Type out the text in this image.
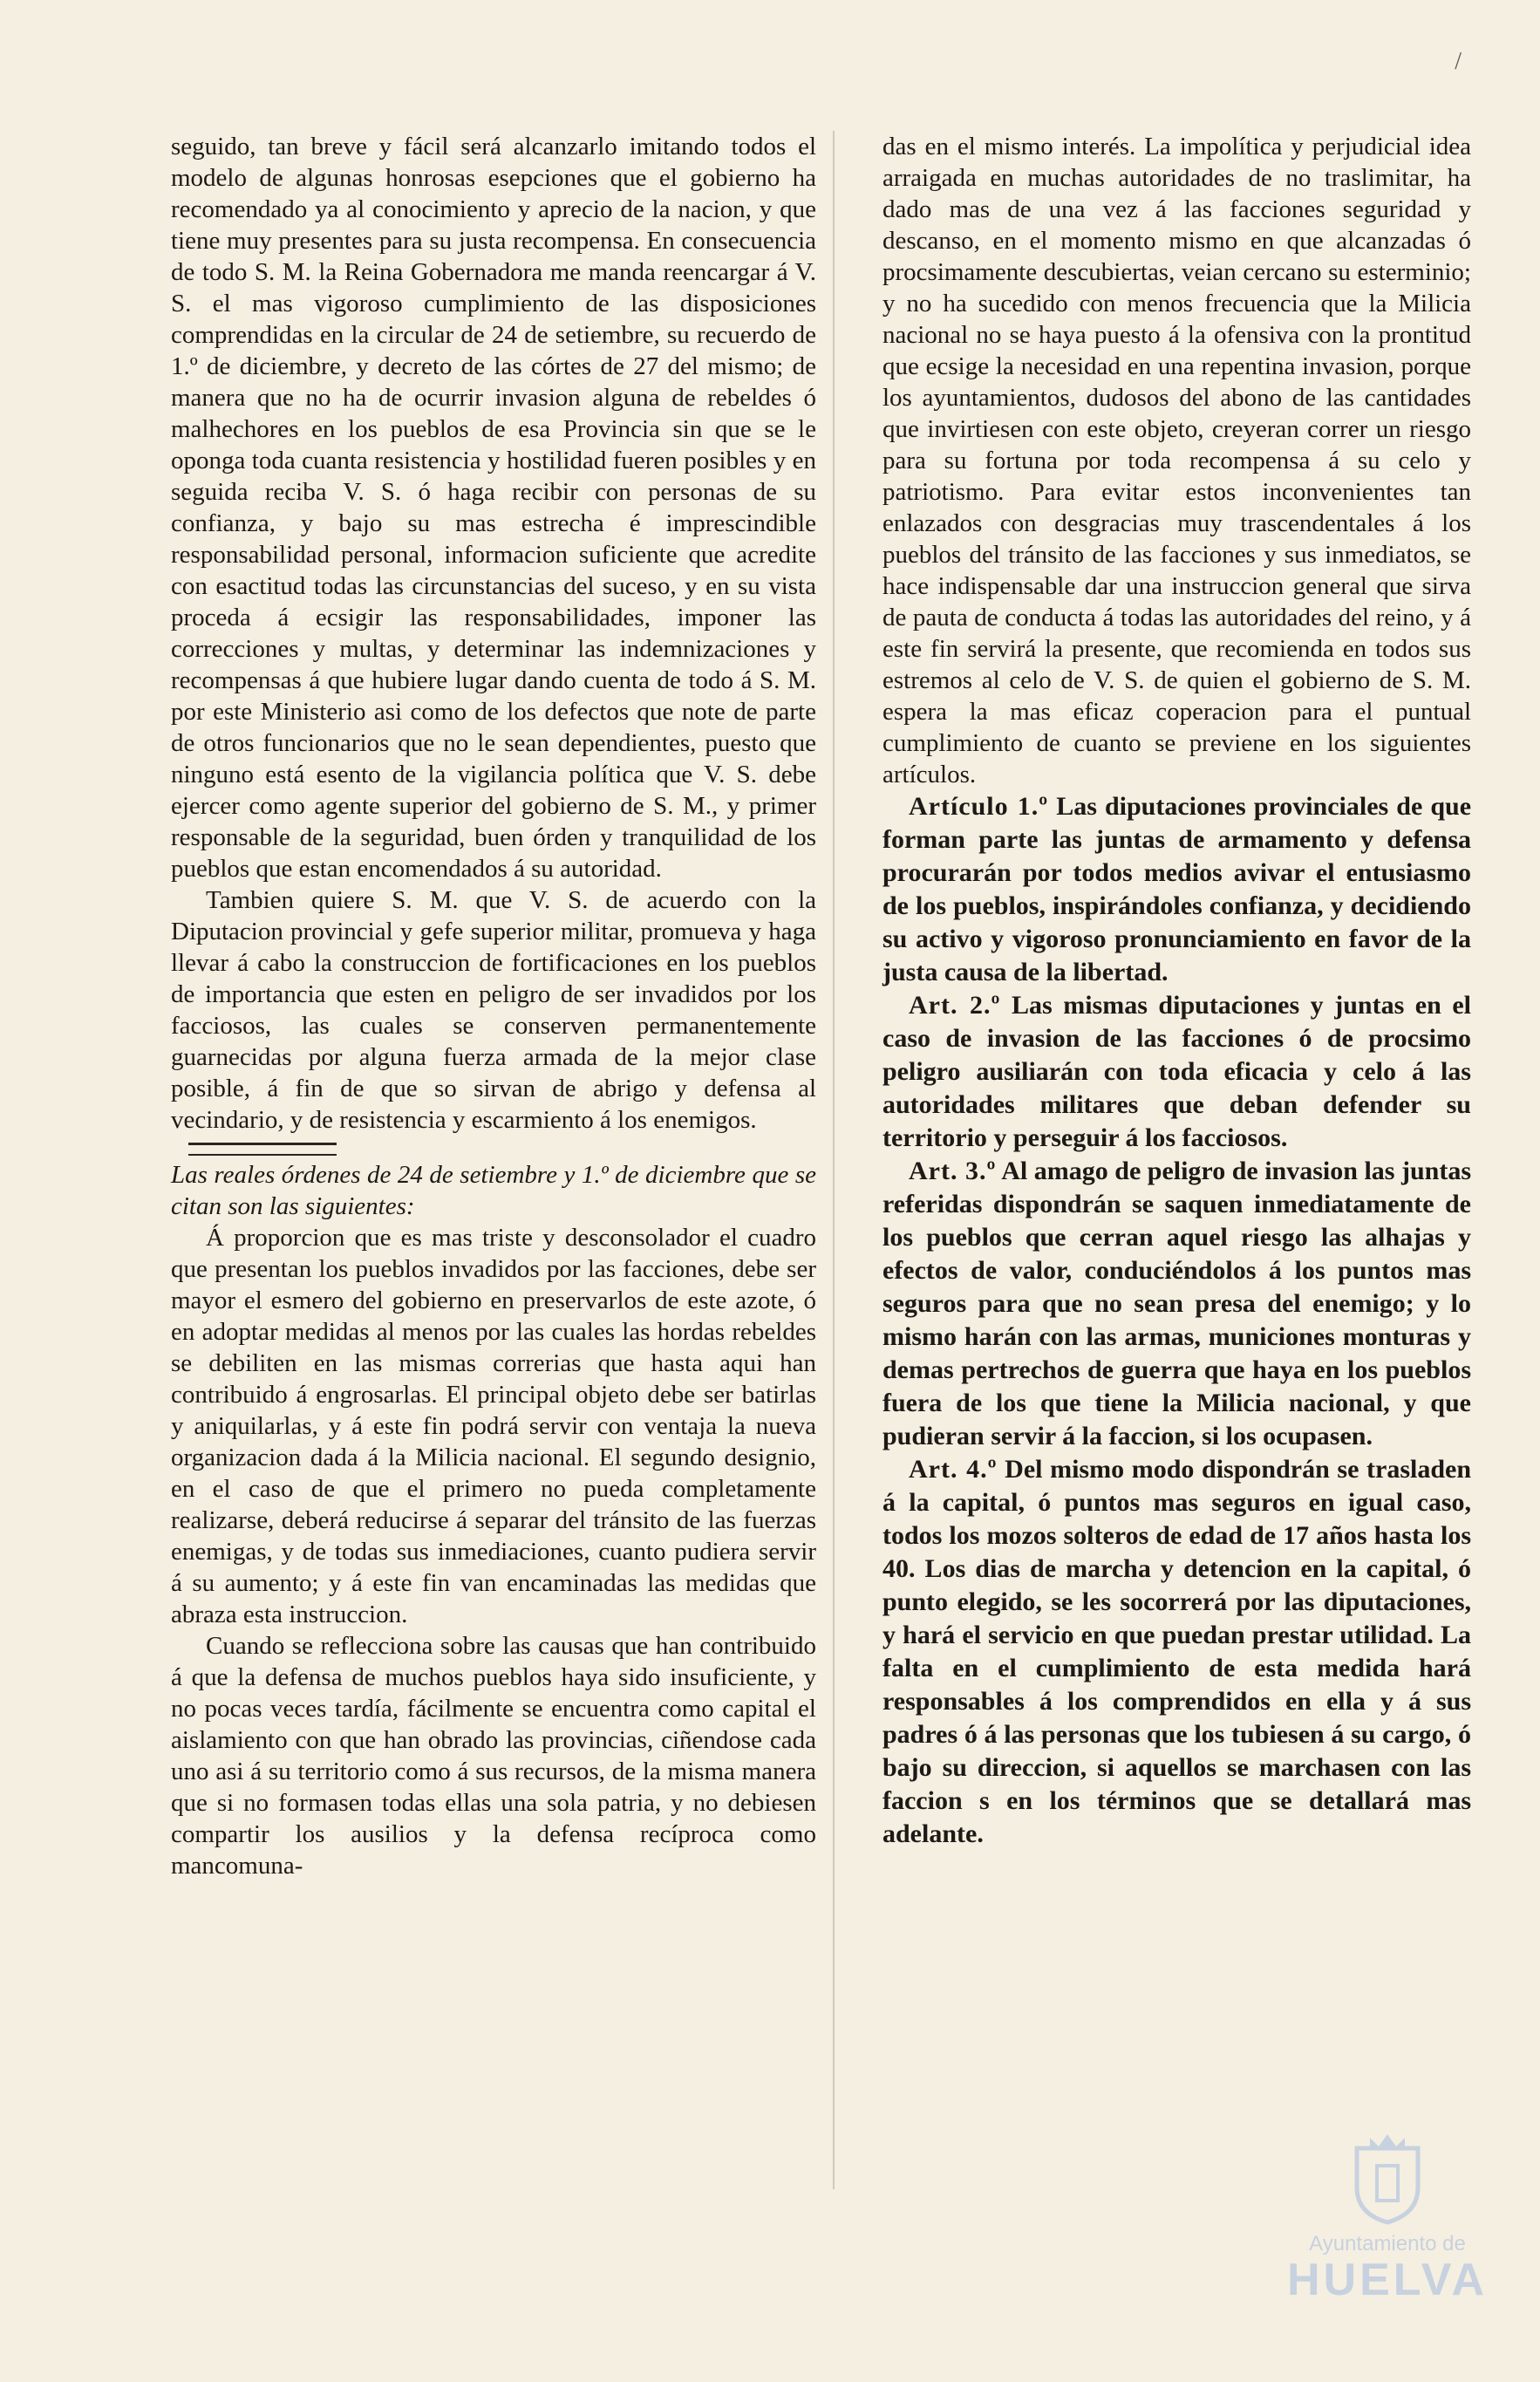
/

seguido, tan breve y fácil será alcanzarlo imitando todos el modelo de algunas honrosas esepciones que el gobierno ha recomendado ya al conocimiento y aprecio de la nacion, y que tiene muy presentes para su justa recompensa. En consecuencia de todo S. M. la Reina Gobernadora me manda reencargar á V. S. el mas vigoroso cumplimiento de las disposiciones comprendidas en la circular de 24 de setiembre, su recuerdo de 1.º de diciembre, y decreto de las córtes de 27 del mismo; de manera que no ha de ocurrir invasion alguna de rebeldes ó malhechores en los pueblos de esa Provincia sin que se le oponga toda cuanta resistencia y hostilidad fueren posibles y en seguida reciba V. S. ó haga recibir con personas de su confianza, y bajo su mas estrecha é imprescindible responsabilidad personal, informacion suficiente que acredite con esactitud todas las circunstancias del suceso, y en su vista proceda á ecsigir las responsabilidades, imponer las correcciones y multas, y determinar las indemnizaciones y recompensas á que hubiere lugar dando cuenta de todo á S. M. por este Ministerio asi como de los defectos que note de parte de otros funcionarios que no le sean dependientes, puesto que ninguno está esento de la vigilancia política que V. S. debe ejercer como agente superior del gobierno de S. M., y primer responsable de la seguridad, buen órden y tranquilidad de los pueblos que estan encomendados á su autoridad.

Tambien quiere S. M. que V. S. de acuerdo con la Diputacion provincial y gefe superior militar, promueva y haga llevar á cabo la construccion de fortificaciones en los pueblos de importancia que esten en peligro de ser invadidos por los facciosos, las cuales se conserven permanentemente guarnecidas por alguna fuerza armada de la mejor clase posible, á fin de que so sirvan de abrigo y defensa al vecindario, y de resistencia y escarmiento á los enemigos.

Las reales órdenes de 24 de setiembre y 1.º de diciembre que se citan son las siguientes:

Á proporcion que es mas triste y desconsolador el cuadro que presentan los pueblos invadidos por las facciones, debe ser mayor el esmero del gobierno en preservarlos de este azote, ó en adoptar medidas al menos por las cuales las hordas rebeldes se debiliten en las mismas correrias que hasta aqui han contribuido á engrosarlas. El principal objeto debe ser batirlas y aniquilarlas, y á este fin podrá servir con ventaja la nueva organizacion dada á la Milicia nacional. El segundo designio, en el caso de que el primero no pueda completamente realizarse, deberá reducirse á separar del tránsito de las fuerzas enemigas, y de todas sus inmediaciones, cuanto pudiera servir á su aumento; y á este fin van encaminadas las medidas que abraza esta instruccion.

Cuando se reflecciona sobre las causas que han contribuido á que la defensa de muchos pueblos haya sido insuficiente, y no pocas veces tardía, fácilmente se encuentra como capital el aislamiento con que han obrado las provincias, ciñendose cada uno asi á su territorio como á sus recursos, de la misma manera que si no formasen todas ellas una sola patria, y no debiesen compartir los ausilios y la defensa recíproca como mancomuna-

das en el mismo interés. La impolítica y perjudicial idea arraigada en muchas autoridades de no traslimitar, ha dado mas de una vez á las facciones seguridad y descanso, en el momento mismo en que alcanzadas ó procsimamente descubiertas, veian cercano su esterminio; y no ha sucedido con menos frecuencia que la Milicia nacional no se haya puesto á la ofensiva con la prontitud que ecsige la necesidad en una repentina invasion, porque los ayuntamientos, dudosos del abono de las cantidades que invirtiesen con este objeto, creyeran correr un riesgo para su fortuna por toda recompensa á su celo y patriotismo. Para evitar estos inconvenientes tan enlazados con desgracias muy trascendentales á los pueblos del tránsito de las facciones y sus inmediatos, se hace indispensable dar una instruccion general que sirva de pauta de conducta á todas las autoridades del reino, y á este fin servirá la presente, que recomienda en todos sus estremos al celo de V. S. de quien el gobierno de S. M. espera la mas eficaz coperacion para el puntual cumplimiento de cuanto se previene en los siguientes artículos.

Artículo 1.º Las diputaciones provinciales de que forman parte las juntas de armamento y defensa procurarán por todos medios avivar el entusiasmo de los pueblos, inspirándoles confianza, y decidiendo su activo y vigoroso pronunciamiento en favor de la justa causa de la libertad.

Art. 2.º Las mismas diputaciones y juntas en el caso de invasion de las facciones ó de procsimo peligro ausiliarán con toda eficacia y celo á las autoridades militares que deban defender su territorio y perseguir á los facciosos.

Art. 3.º Al amago de peligro de invasion las juntas referidas dispondrán se saquen inmediatamente de los pueblos que cerran aquel riesgo las alhajas y efectos de valor, conduciéndolos á los puntos mas seguros para que no sean presa del enemigo; y lo mismo harán con las armas, municiones monturas y demas pertrechos de guerra que haya en los pueblos fuera de los que tiene la Milicia nacional, y que pudieran servir á la faccion, si los ocupasen.

Art. 4.º Del mismo modo dispondrán se trasladen á la capital, ó puntos mas seguros en igual caso, todos los mozos solteros de edad de 17 años hasta los 40. Los dias de marcha y detencion en la capital, ó punto elegido, se les socorrerá por las diputaciones, y hará el servicio en que puedan prestar utilidad. La falta en el cumplimiento de esta medida hará responsables á los comprendidos en ella y á sus padres ó á las personas que los tubiesen á su cargo, ó bajo su direccion, si aquellos se marchasen con las faccion s en los términos que se detallará mas adelante.

Ayuntamiento de
HUELVA
